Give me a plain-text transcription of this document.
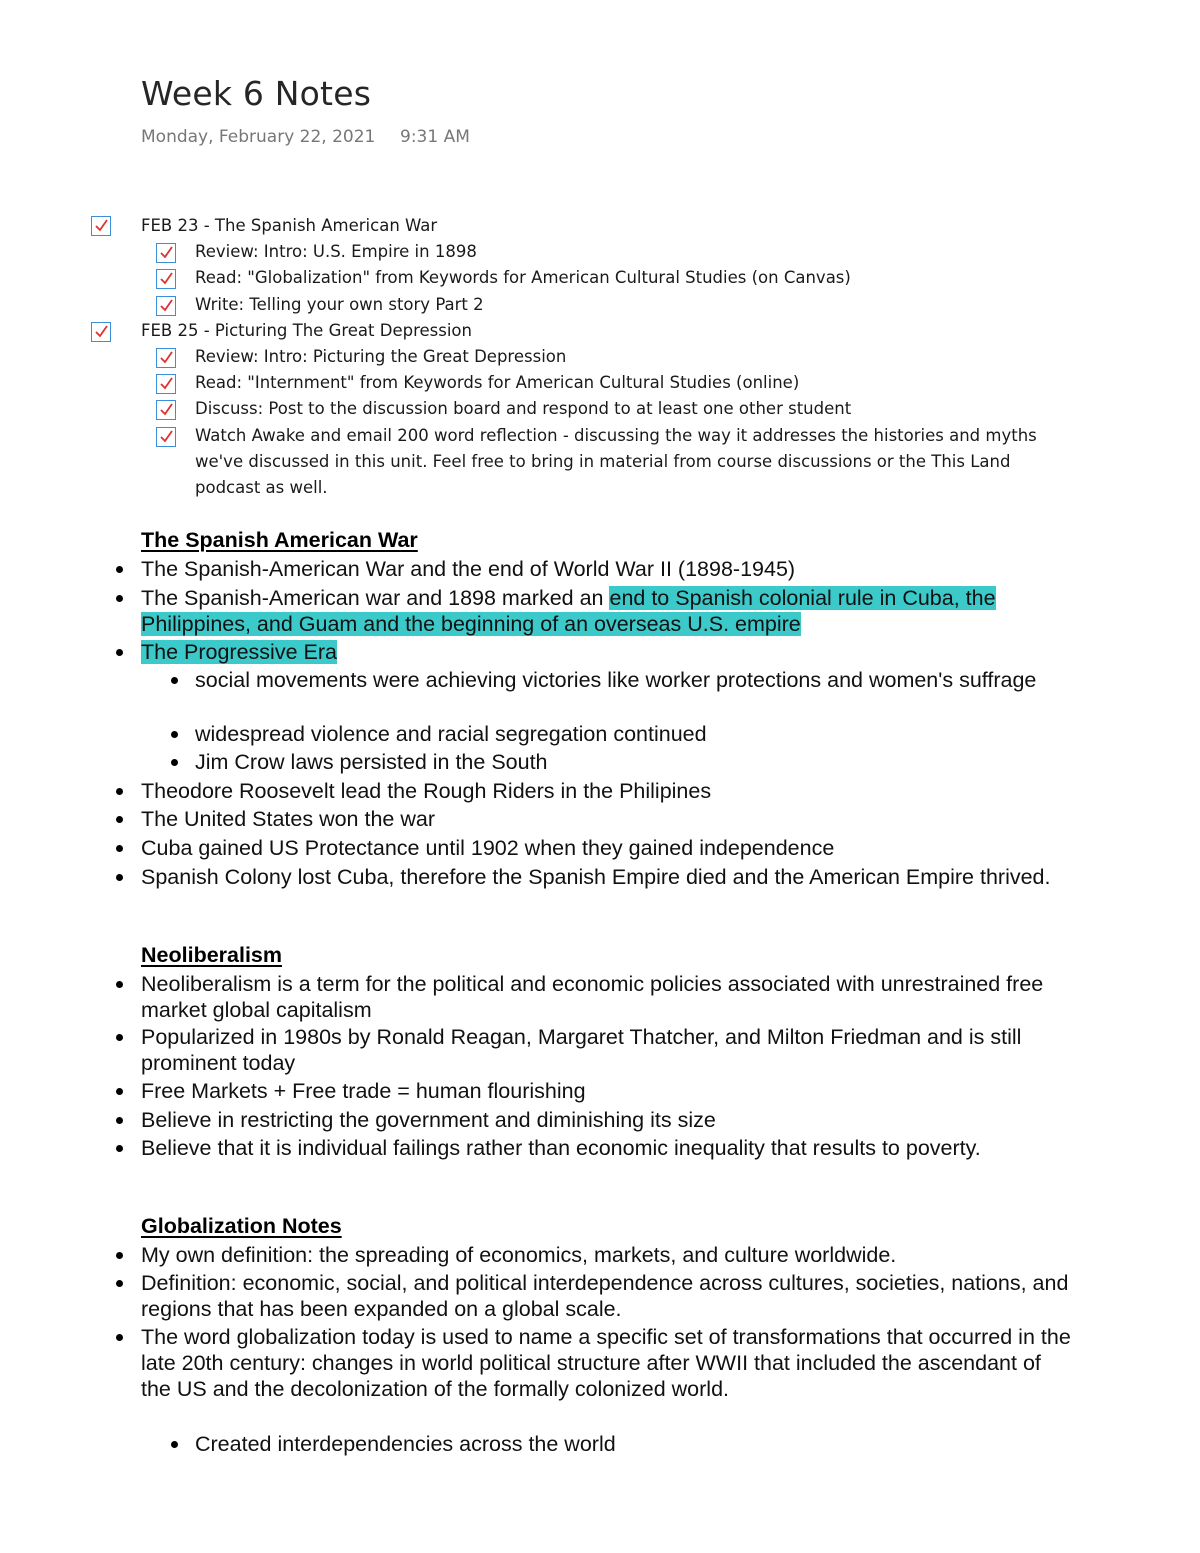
Week 6 Notes
Monday, February 22, 2021 9:31 AM
FEB 23 - The Spanish American War
Review: Intro: U.S. Empire in 1898
Read: "Globalization" from Keywords for American Cultural Studies (on Canvas)
Write: Telling your own story Part 2
FEB 25 - Picturing The Great Depression
Review: Intro: Picturing the Great Depression
Read: "Internment" from Keywords for American Cultural Studies (online)
Discuss: Post to the discussion board and respond to at least one other student
Watch Awake and email 200 word reflection - discussing the way it addresses the histories and myths we've discussed in this unit. Feel free to bring in material from course discussions or the This Land podcast as well.
The Spanish American War
The Spanish-American War and the end of World War II (1898-1945)
The Spanish-American war and 1898 marked an end to Spanish colonial rule in Cuba, the Philippines, and Guam and the beginning of an overseas U.S. empire
The Progressive Era
social movements were achieving victories like worker protections and women's suffrage
widespread violence and racial segregation continued
Jim Crow laws persisted in the South
Theodore Roosevelt lead the Rough Riders in the Philipines
The United States won the war
Cuba gained US Protectance until 1902 when they gained independence
Spanish Colony lost Cuba, therefore the Spanish Empire died and the American Empire thrived.
Neoliberalism
Neoliberalism is a term for the political and economic policies associated with unrestrained free market global capitalism
Popularized in 1980s by Ronald Reagan, Margaret Thatcher, and Milton Friedman and is still prominent today
Free Markets + Free trade = human flourishing
Believe in restricting the government and diminishing its size
Believe that it is individual failings rather than economic inequality that results to poverty.
Globalization Notes
My own definition: the spreading of economics, markets, and culture worldwide.
Definition: economic, social, and political interdependence across cultures, societies, nations, and regions that has been expanded on a global scale.
The word globalization today is used to name a specific set of transformations that occurred in the late 20th century: changes in world political structure after WWII that included the ascendant of the US and the decolonization of the formally colonized world.
Created interdependencies across the world
